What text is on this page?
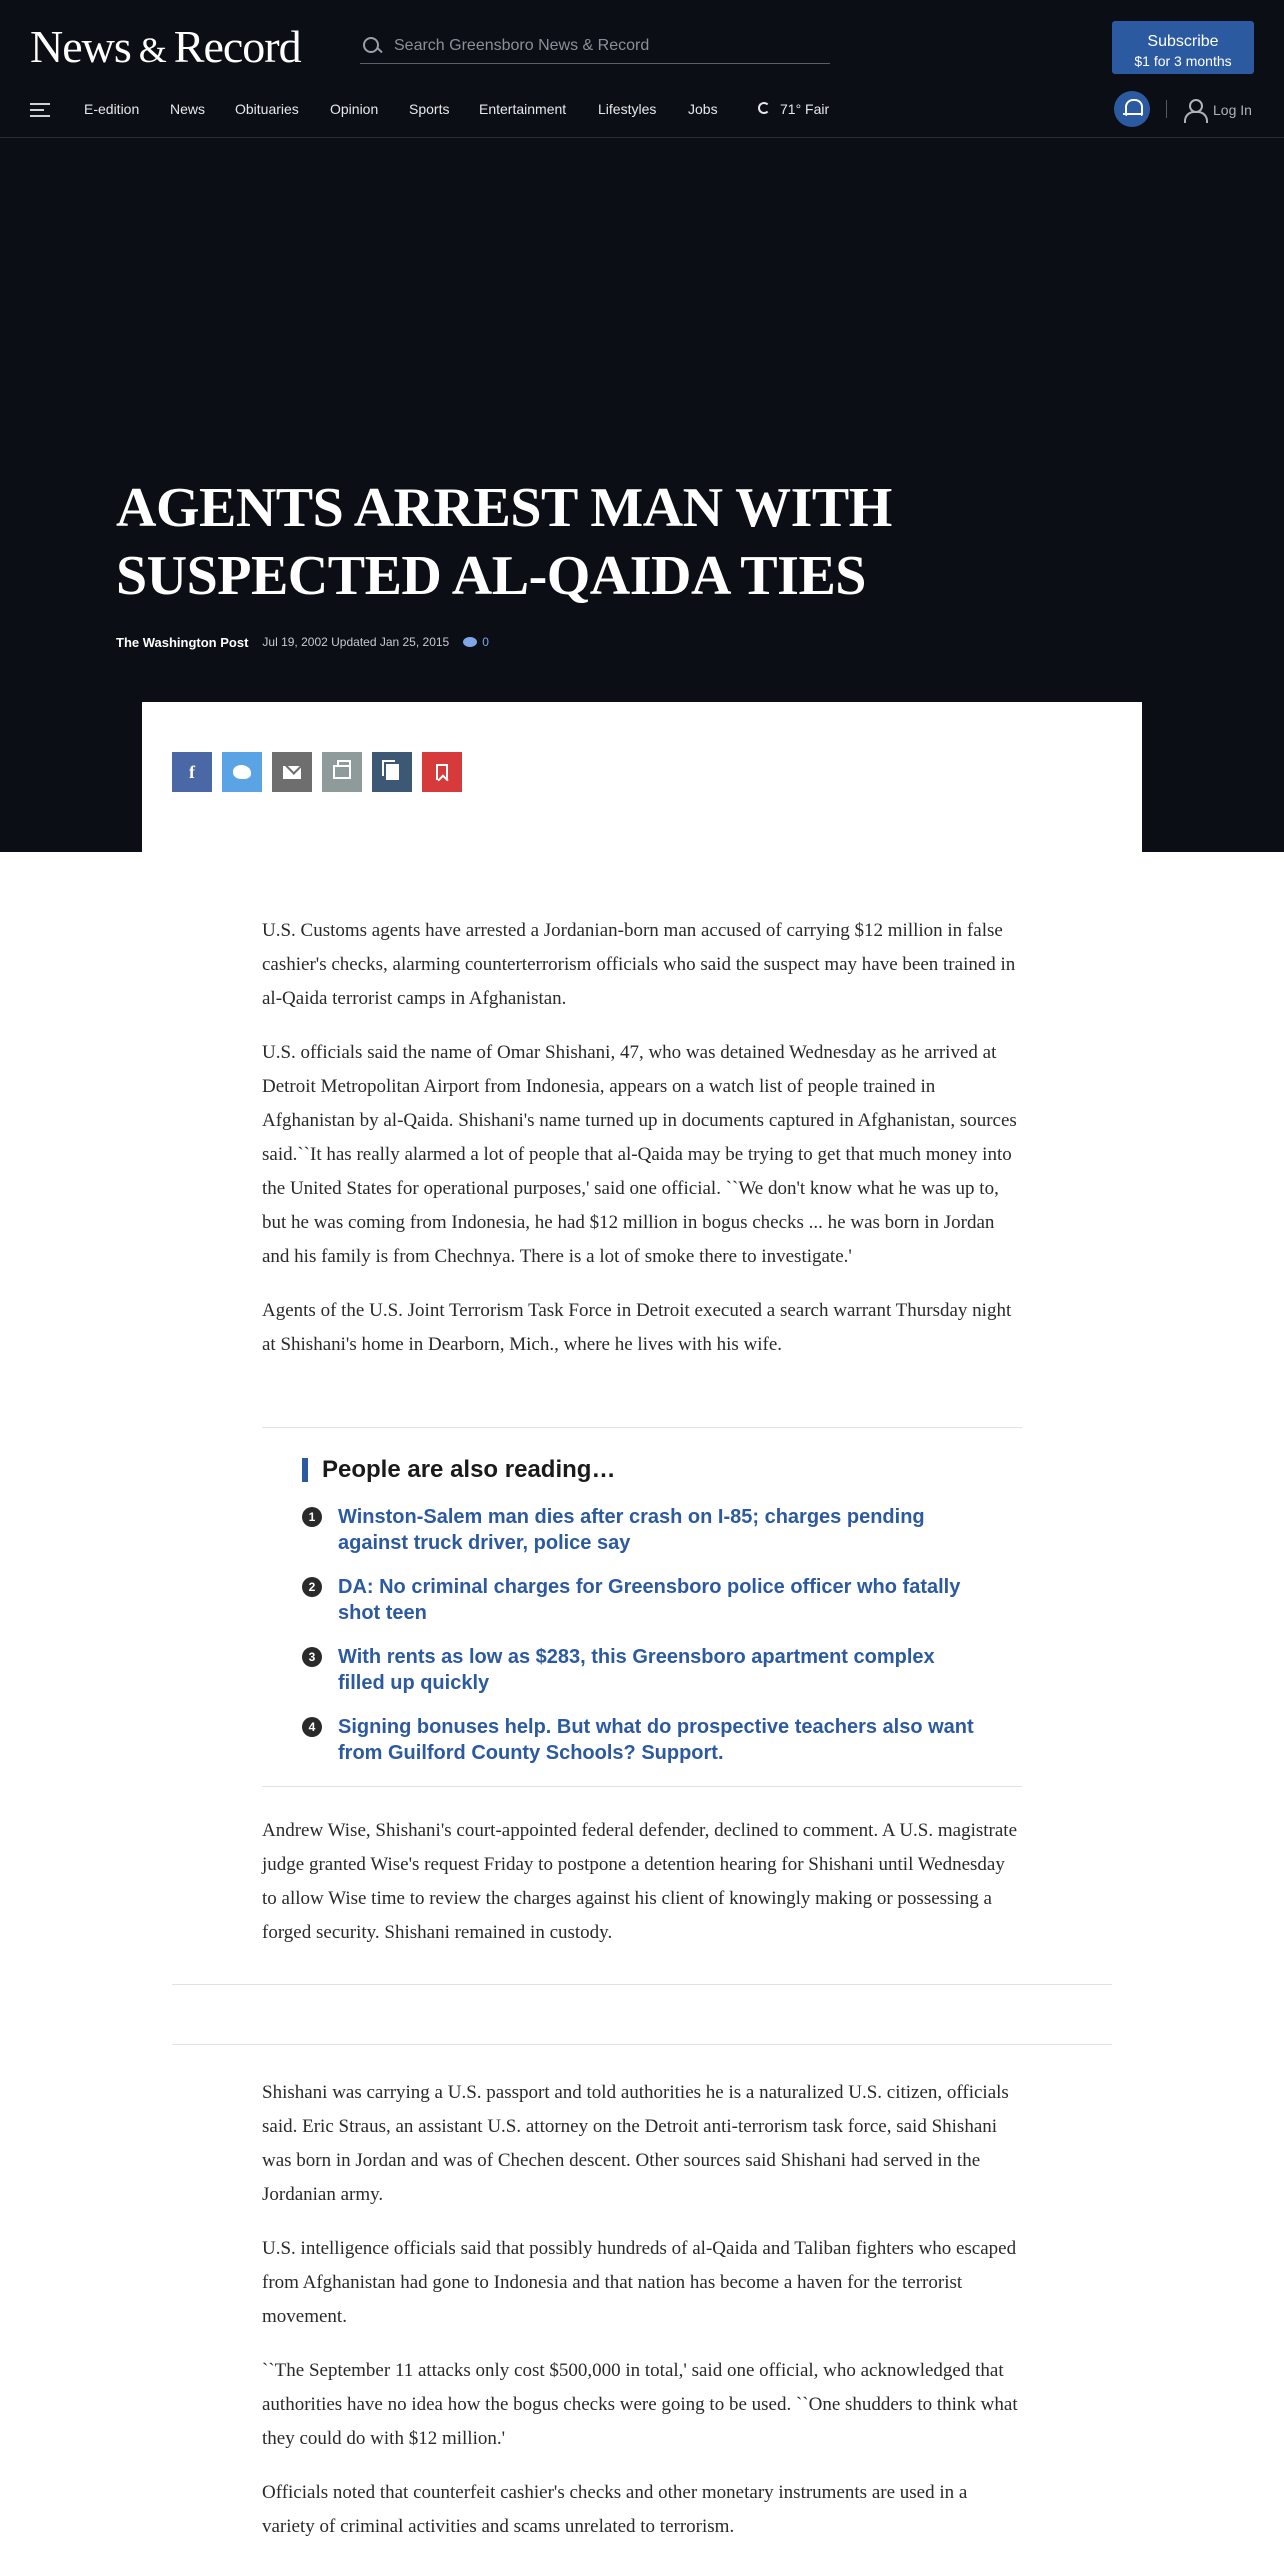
News & Record
Search Greensboro News & Record	Subscribe
$1 for 3 months
E-edition News Obituaries Opinion Sports Entertainment Lifestyles Jobs	71° Fair	Log In
AGENTS ARREST MAN WITH SUSPECTED AL-QAIDA TIES
The Washington Post Jul 19, 2002 Updated Jan 25, 2015	0
f

U.S. Customs agents have arrested a Jordanian-born man accused of carrying $12 million in false cashier's checks, alarming counterterrorism officials who said the suspect may have been trained in al-Qaida terrorist camps in Afghanistan.

U.S. officials said the name of Omar Shishani, 47, who was detained Wednesday as he arrived at Detroit Metropolitan Airport from Indonesia, appears on a watch list of people trained in Afghanistan by al-Qaida. Shishani's name turned up in documents captured in Afghanistan, sources said.``It has really alarmed a lot of people that al-Qaida may be trying to get that much money into the United States for operational purposes,' said one official. ``We don't know what he was up to, but he was coming from Indonesia, he had $12 million in bogus checks ... he was born in Jordan and his family is from Chechnya. There is a lot of smoke there to investigate.'

Agents of the U.S. Joint Terrorism Task Force in Detroit executed a search warrant Thursday night at Shishani's home in Dearborn, Mich., where he lives with his wife.

People are also reading…
1	Winston-Salem man dies after crash on I-85; charges pending against truck driver, police say
2	DA: No criminal charges for Greensboro police officer who fatally shot teen
3	With rents as low as $283, this Greensboro apartment complex filled up quickly
4	Signing bonuses help. But what do prospective teachers also want from Guilford County Schools? Support.

Andrew Wise, Shishani's court-appointed federal defender, declined to comment. A U.S. magistrate judge granted Wise's request Friday to postpone a detention hearing for Shishani until Wednesday to allow Wise time to review the charges against his client of knowingly making or possessing a forged security. Shishani remained in custody.

Shishani was carrying a U.S. passport and told authorities he is a naturalized U.S. citizen, officials said. Eric Straus, an assistant U.S. attorney on the Detroit anti-terrorism task force, said Shishani was born in Jordan and was of Chechen descent. Other sources said Shishani had served in the Jordanian army.

U.S. intelligence officials said that possibly hundreds of al-Qaida and Taliban fighters who escaped from Afghanistan had gone to Indonesia and that nation has become a haven for the terrorist movement.

``The September 11 attacks only cost $500,000 in total,' said one official, who acknowledged that authorities have no idea how the bogus checks were going to be used. ``One shudders to think what they could do with $12 million.'

Officials noted that counterfeit cashier's checks and other monetary instruments are used in a variety of criminal activities and scams unrelated to terrorism.
